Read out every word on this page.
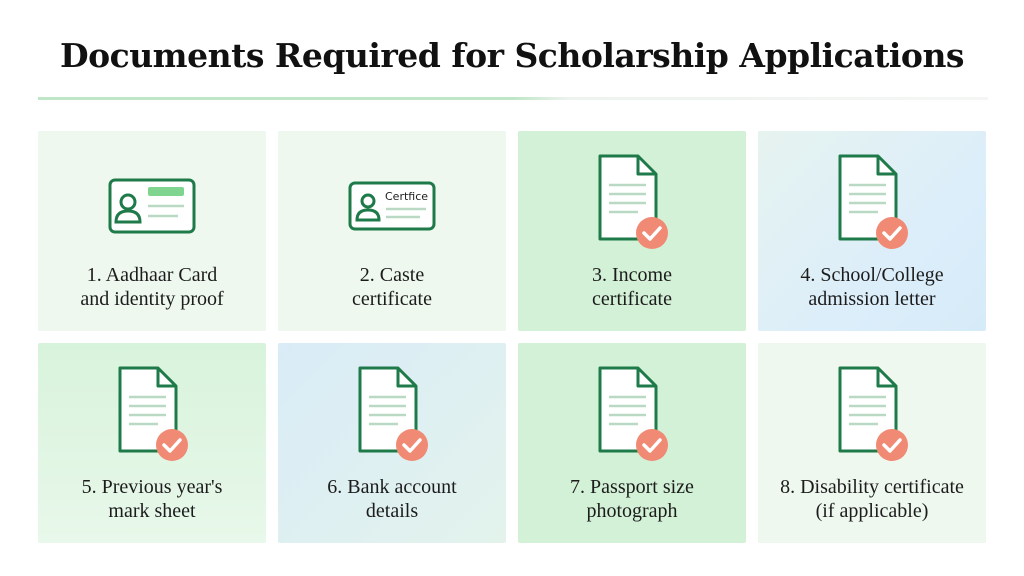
Documents Required for Scholarship Applications
1. Aadhaar Card
and identity proof
Certfice
2. Caste
certificate
3. Income
certificate
4. School/College
admission letter
5. Previous year's
mark sheet
6. Bank account
details
7. Passport size
photograph
8. Disability certificate
(if applicable)
